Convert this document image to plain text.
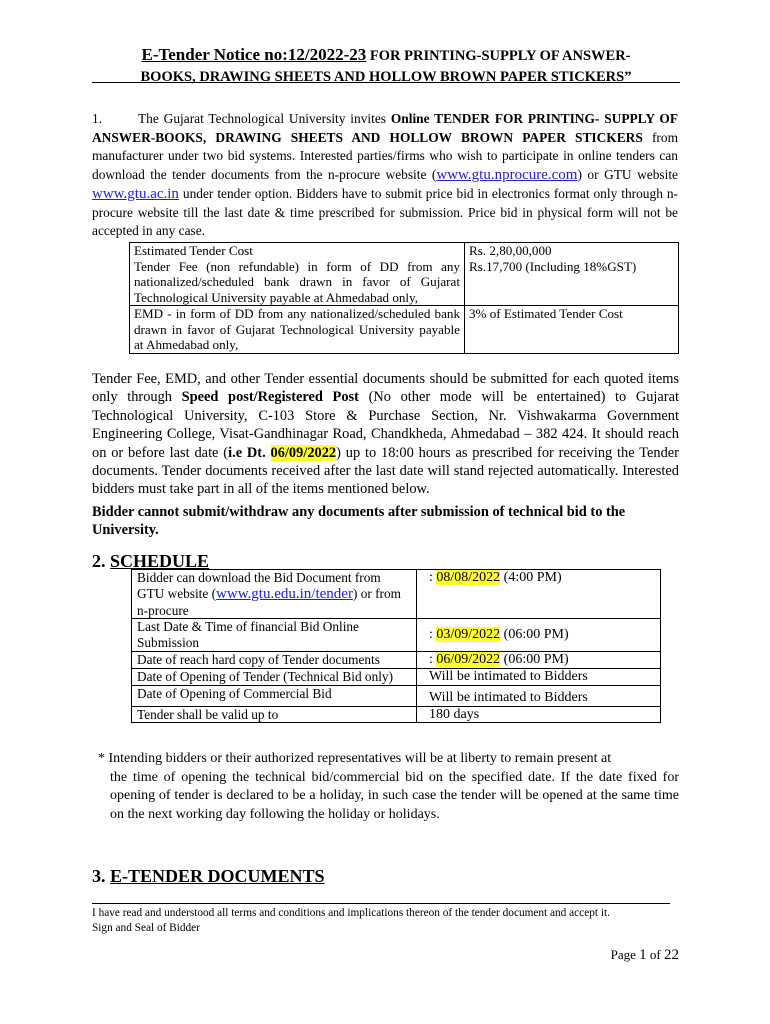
E-Tender Notice no:12/2022-23 FOR PRINTING-SUPPLY OF ANSWER-
BOOKS, DRAWING SHEETS AND HOLLOW BROWN PAPER STICKERS”
1.	The Gujarat Technological University invites Online TENDER FOR PRINTING- SUPPLY OF ANSWER-BOOKS, DRAWING SHEETS AND HOLLOW BROWN PAPER STICKERS from manufacturer under two bid systems. Interested parties/firms who wish to participate in online tenders can download the tender documents from the n-procure website (www.gtu.nprocure.com) or GTU website www.gtu.ac.in under tender option. Bidders have to submit price bid in electronics format only through n-procure website till the last date & time prescribed for submission. Price bid in physical form will not be accepted in any case.
Estimated Tender Cost	Rs. 2,80,00,000
Tender Fee (non refundable) in form of DD from any nationalized/scheduled bank drawn in favor of Gujarat Technological University payable at Ahmedabad only,	Rs.17,700 (Including 18%GST)
EMD - in form of DD from any nationalized/scheduled bank drawn in favor of Gujarat Technological University payable at Ahmedabad only,	3% of Estimated Tender Cost
Tender Fee, EMD, and other Tender essential documents should be submitted for each quoted items only through Speed post/Registered Post (No other mode will be entertained) to Gujarat Technological University, C-103 Store & Purchase Section, Nr. Vishwakarma Government Engineering College, Visat-Gandhinagar Road, Chandkheda, Ahmedabad – 382 424. It should reach on or before last date (i.e Dt. 06/09/2022) up to 18:00 hours as prescribed for receiving the Tender documents. Tender documents received after the last date will stand rejected automatically. Interested bidders must take part in all of the items mentioned below.
Bidder cannot submit/withdraw any documents after submission of technical bid to the University.
2. SCHEDULE
Bidder can download the Bid Document from GTU website (www.gtu.edu.in/tender) or from n-procure	: 08/08/2022 (4:00 PM)
Last Date & Time of financial Bid Online Submission	: 03/09/2022 (06:00 PM)
Date of reach hard copy of Tender documents	: 06/09/2022 (06:00 PM)
Date of Opening of Tender (Technical Bid only)	Will be intimated to Bidders
Date of Opening of Commercial Bid	Will be intimated to Bidders
Tender shall be valid up to	180 days
* Intending bidders or their authorized representatives will be at liberty to remain present at
the time of opening the technical bid/commercial bid on the specified date. If the date fixed for opening of tender is declared to be a holiday, in such case the tender will be opened at the same time on the next working day following the holiday or holidays.
3. E-TENDER DOCUMENTS
I have read and understood all terms and conditions and implications thereon of the tender document and accept it.
Sign and Seal of Bidder
Page 1 of 22
